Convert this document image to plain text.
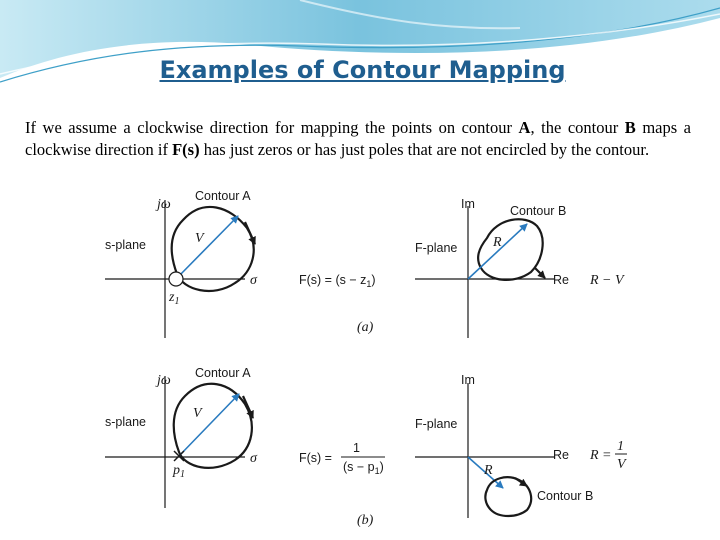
Examples of Contour Mapping

If we assume a clockwise direction for mapping the points on contour A, the contour B maps a clockwise direction if F(s) has just zeros or has just poles that are not encircled by the contour.

jω
Contour A
s-plane	V
$z_1$
σ	$F(s) = (s - z_1)$
Im	Contour B
F-plane	R
Re R − V
(a)
jω Contour A
s-plane
V
$p_1$
σ	F(s) =
1
$(s - p_1)$
Im
F-plane
Re R =
1
V
R
Contour B
(b)
